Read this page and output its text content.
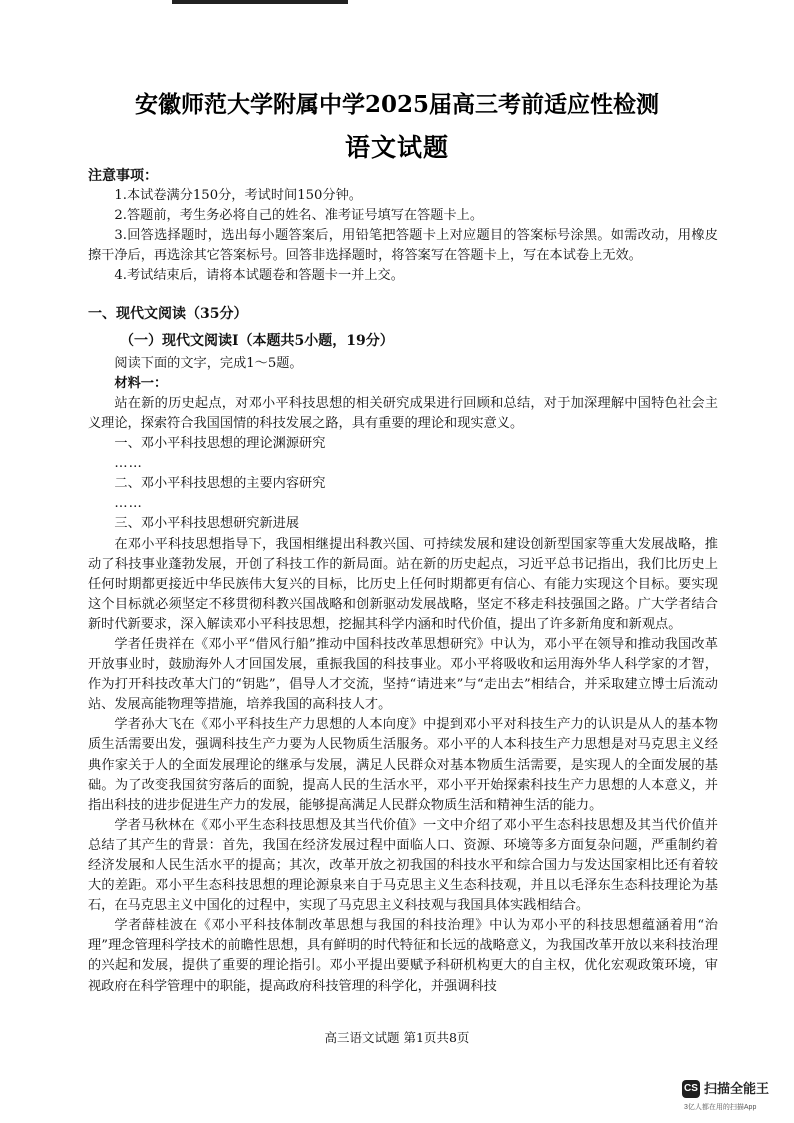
安徽师范大学附属中学2025届高三考前适应性检测
语文试题

注意事项：

1.本试卷满分150分，考试时间150分钟。

2.答题前，考生务必将自己的姓名、准考证号填写在答题卡上。

3.回答选择题时，选出每小题答案后，用铅笔把答题卡上对应题目的答案标号涂黑。如需改动，用橡皮擦干净后，再选涂其它答案标号。回答非选择题时，将答案写在答题卡上，写在本试卷上无效。

4.考试结束后，请将本试题卷和答题卡一并上交。

一、现代文阅读（35分）

（一）现代文阅读Ⅰ（本题共5小题，19分）

阅读下面的文字，完成1～5题。

材料一：

站在新的历史起点，对邓小平科技思想的相关研究成果进行回顾和总结，对于加深理解中国特色社会主义理论，探索符合我国国情的科技发展之路，具有重要的理论和现实意义。

一、邓小平科技思想的理论渊源研究

……

二、邓小平科技思想的主要内容研究

……

三、邓小平科技思想研究新进展

在邓小平科技思想指导下，我国相继提出科教兴国、可持续发展和建设创新型国家等重大发展战略，推动了科技事业蓬勃发展，开创了科技工作的新局面。站在新的历史起点，习近平总书记指出，我们比历史上任何时期都更接近中华民族伟大复兴的目标，比历史上任何时期都更有信心、有能力实现这个目标。要实现这个目标就必须坚定不移贯彻科教兴国战略和创新驱动发展战略，坚定不移走科技强国之路。广大学者结合新时代新要求，深入解读邓小平科技思想，挖掘其科学内涵和时代价值，提出了许多新角度和新观点。

学者任贵祥在《邓小平“借风行船”推动中国科技改革思想研究》中认为，邓小平在领导和推动我国改革开放事业时，鼓励海外人才回国发展，重振我国的科技事业。邓小平将吸收和运用海外华人科学家的才智，作为打开科技改革大门的“钥匙”，倡导人才交流，坚持“请进来”与“走出去”相结合，并采取建立博士后流动站、发展高能物理等措施，培养我国的高科技人才。

学者孙大飞在《邓小平科技生产力思想的人本向度》中提到邓小平对科技生产力的认识是从人的基本物质生活需要出发，强调科技生产力要为人民物质生活服务。邓小平的人本科技生产力思想是对马克思主义经典作家关于人的全面发展理论的继承与发展，满足人民群众对基本物质生活需要，是实现人的全面发展的基础。为了改变我国贫穷落后的面貌，提高人民的生活水平，邓小平开始探索科技生产力思想的人本意义，并指出科技的进步促进生产力的发展，能够提高满足人民群众物质生活和精神生活的能力。

学者马秋林在《邓小平生态科技思想及其当代价值》一文中介绍了邓小平生态科技思想及其当代价值并总结了其产生的背景：首先，我国在经济发展过程中面临人口、资源、环境等多方面复杂问题，严重制约着经济发展和人民生活水平的提高；其次，改革开放之初我国的科技水平和综合国力与发达国家相比还有着较大的差距。邓小平生态科技思想的理论源泉来自于马克思主义生态科技观，并且以毛泽东生态科技理论为基石，在马克思主义中国化的过程中，实现了马克思主义科技观与我国具体实践相结合。

学者薛桂波在《邓小平科技体制改革思想与我国的科技治理》中认为邓小平的科技思想蕴涵着用“治理”理念管理科学技术的前瞻性思想，具有鲜明的时代特征和长远的战略意义，为我国改革开放以来科技治理的兴起和发展，提供了重要的理论指引。邓小平提出要赋予科研机构更大的自主权，优化宏观政策环境，审视政府在科学管理中的职能，提高政府科技管理的科学化，并强调科技

高三语文试题 第1页共8页
CS 扫描全能王
3亿人都在用的扫描App
